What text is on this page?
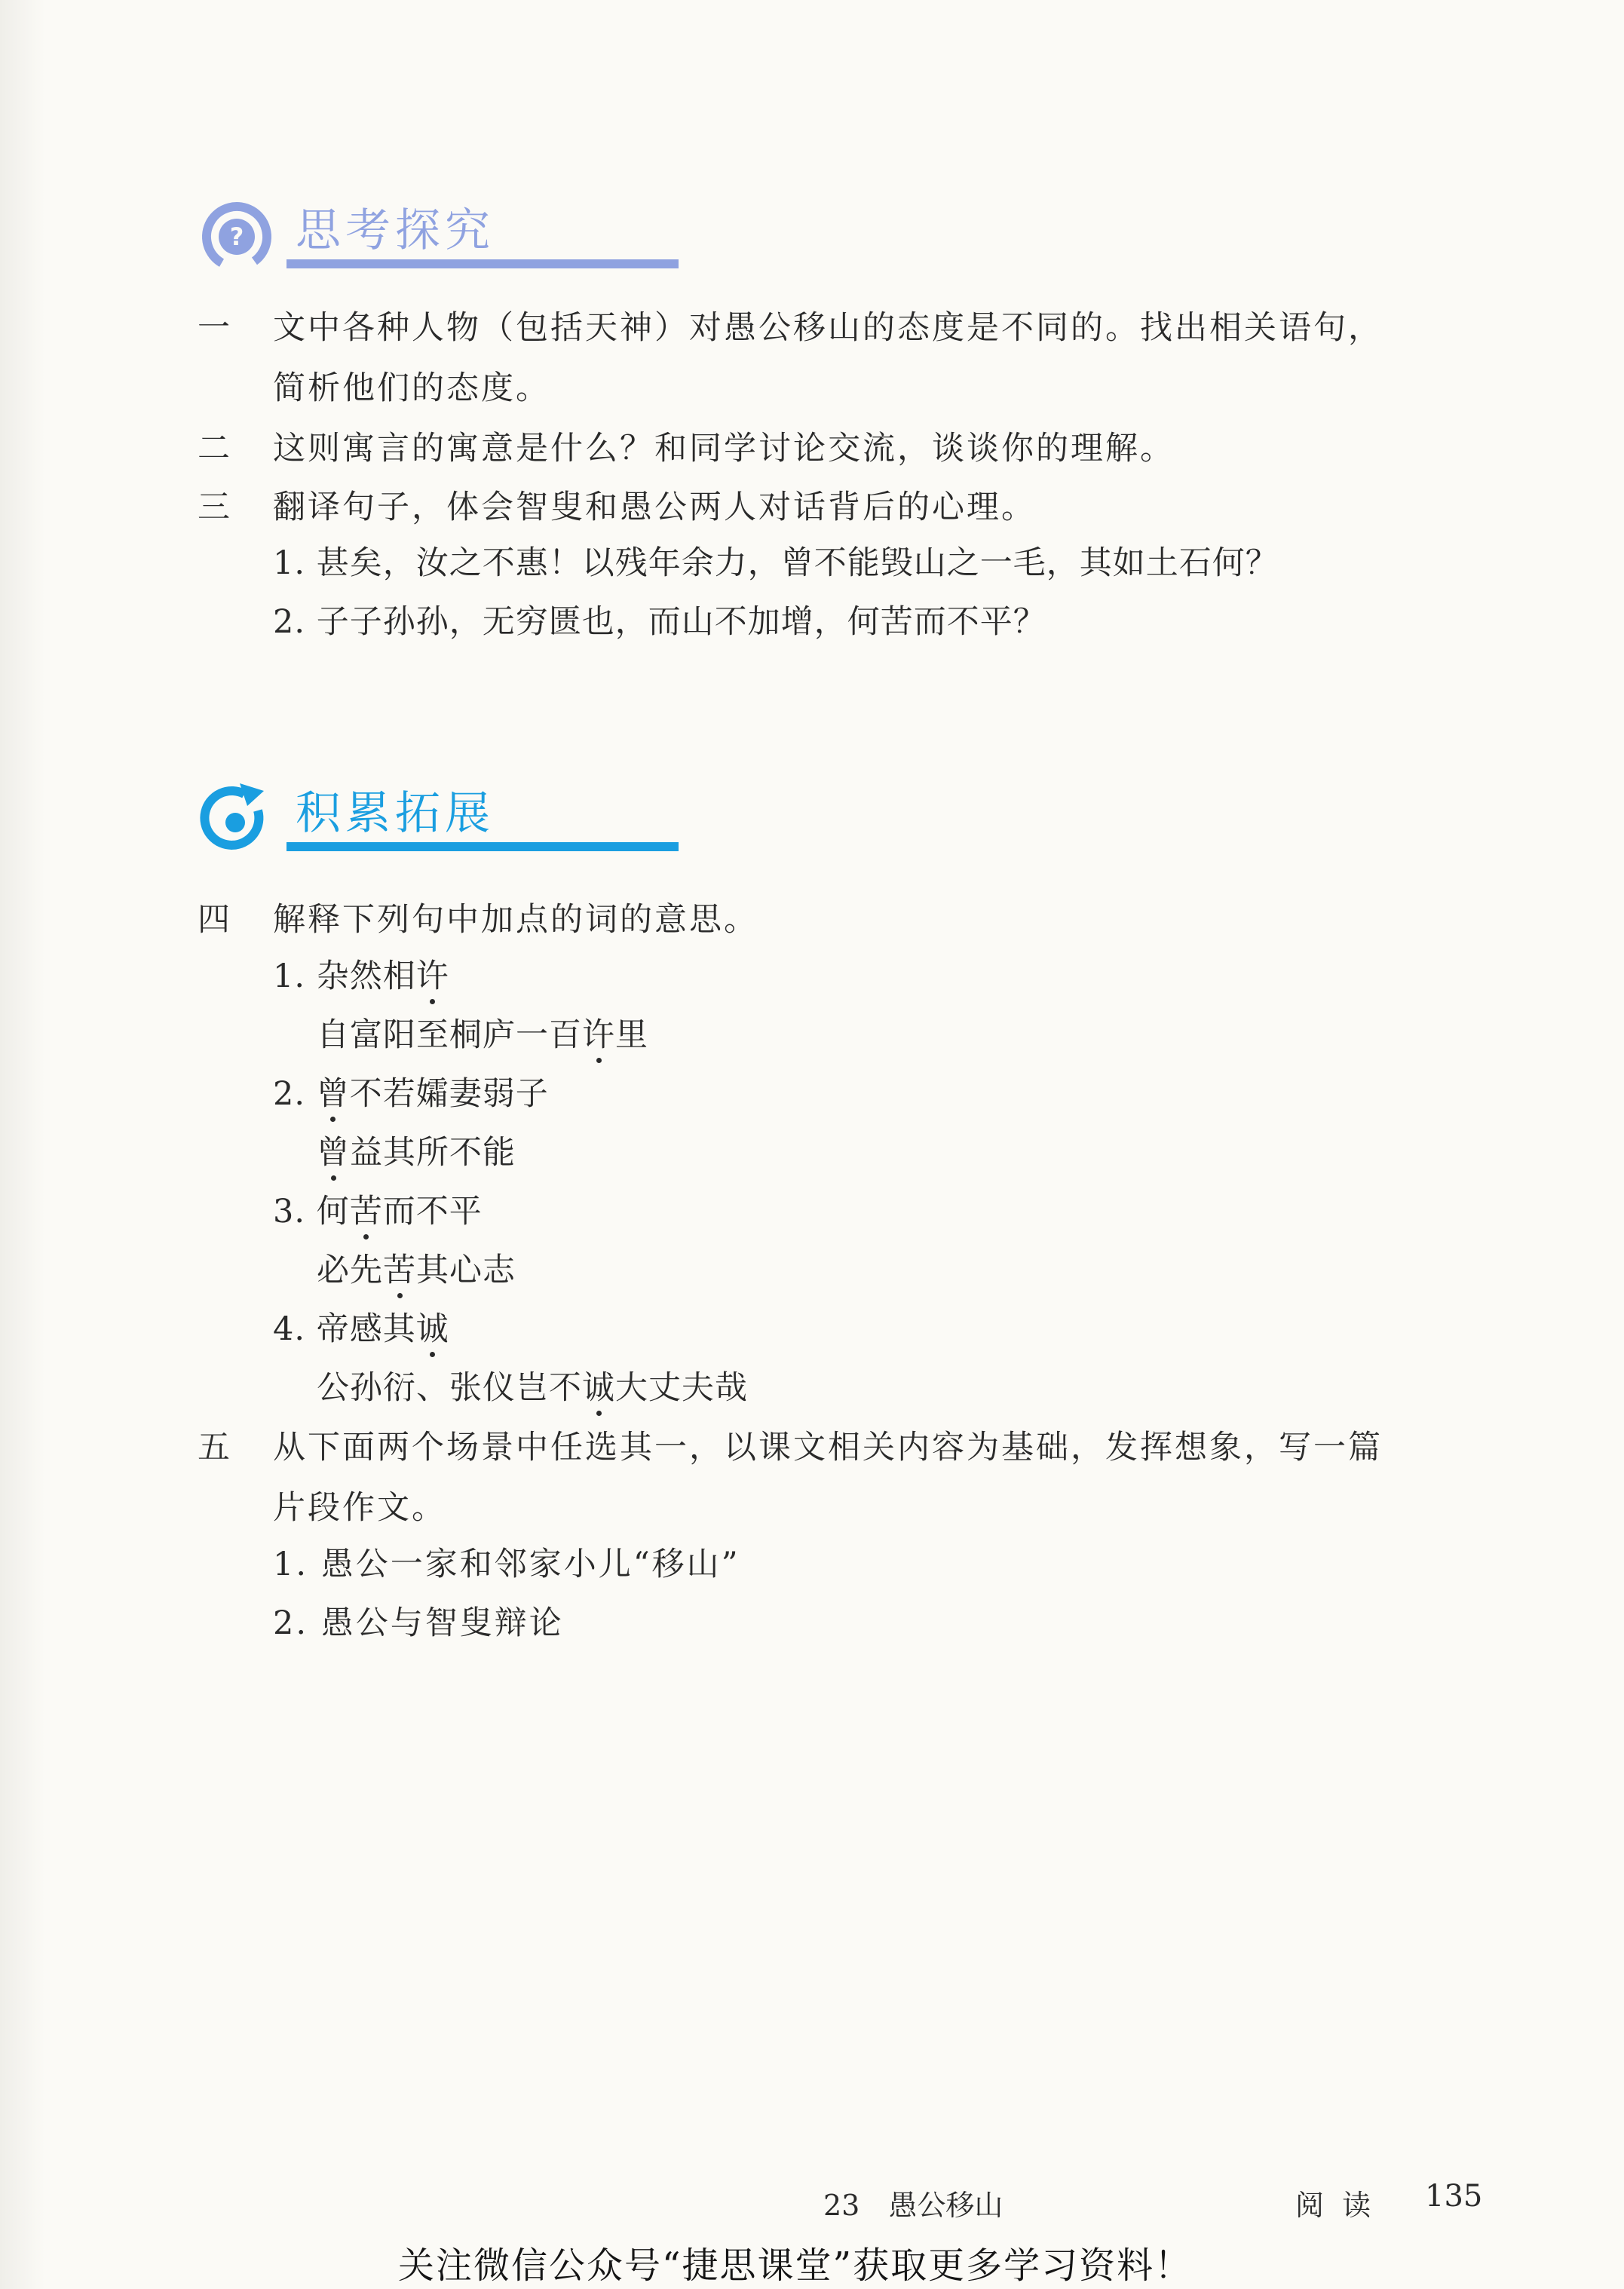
? 思考探究
一 文中各种人物（包括天神）对愚公移山的态度是不同的。找出相关语句，
简析他们的态度。
二 这则寓言的寓意是什么？和同学讨论交流，谈谈你的理解。
三 翻译句子，体会智叟和愚公两人对话背后的心理。
1. 甚矣，汝之不惠！以残年余力，曾不能毁山之一毛，其如土石何？
2. 子子孙孙，无穷匮也，而山不加增，何苦而不平？
积累拓展
四 解释下列句中加点的词的意思。
1. 杂然相许
自富阳至桐庐一百许里
2. 曾不若孀妻弱子
曾益其所不能
3. 何苦而不平
必先苦其心志
4. 帝感其诚
公孙衍、张仪岂不诚大丈夫哉
五 从下面两个场景中任选其一，以课文相关内容为基础，发挥想象，写一篇
片段作文。
1. 愚公一家和邻家小儿“移山”
2. 愚公与智叟辩论
23　愚公移山	阅 读 135
关注微信公众号“捷思课堂”获取更多学习资料！
